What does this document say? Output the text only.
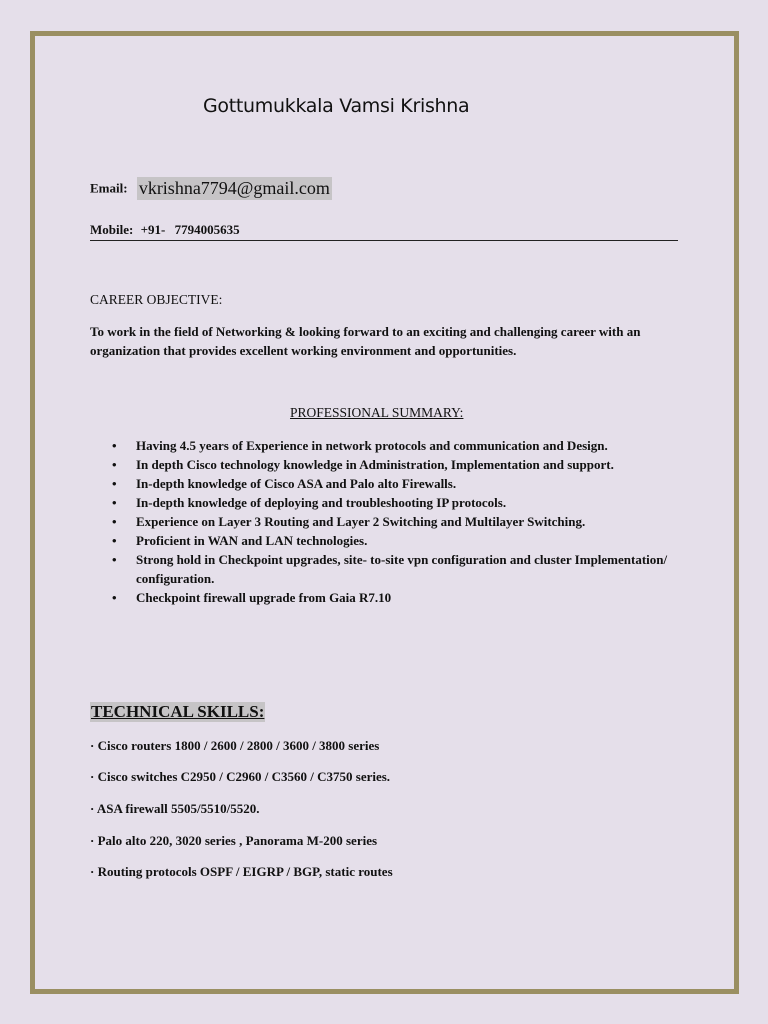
Gottumukkala Vamsi Krishna
Email: vkrishna7794@gmail.com
Mobile: +91- 7794005635
CAREER OBJECTIVE:
To work in the field of Networking & looking forward to an exciting and challenging career with an organization that provides excellent working environment and opportunities.
PROFESSIONAL SUMMARY:
• Having 4.5 years of Experience in network protocols and communication and Design.
• In depth Cisco technology knowledge in Administration, Implementation and support.
• In-depth knowledge of Cisco ASA and Palo alto Firewalls.
• In-depth knowledge of deploying and troubleshooting IP protocols.
• Experience on Layer 3 Routing and Layer 2 Switching and Multilayer Switching.
• Proficient in WAN and LAN technologies.
• Strong hold in Checkpoint upgrades, site- to-site vpn configuration and cluster Implementation/ configuration.
• Checkpoint firewall upgrade from Gaia R7.10
TECHNICAL SKILLS:
· Cisco routers 1800 / 2600 / 2800 / 3600 / 3800 series
· Cisco switches C2950 / C2960 / C3560 / C3750 series.
· ASA firewall 5505/5510/5520.
· Palo alto 220, 3020 series , Panorama M-200 series
· Routing protocols OSPF / EIGRP / BGP, static routes
